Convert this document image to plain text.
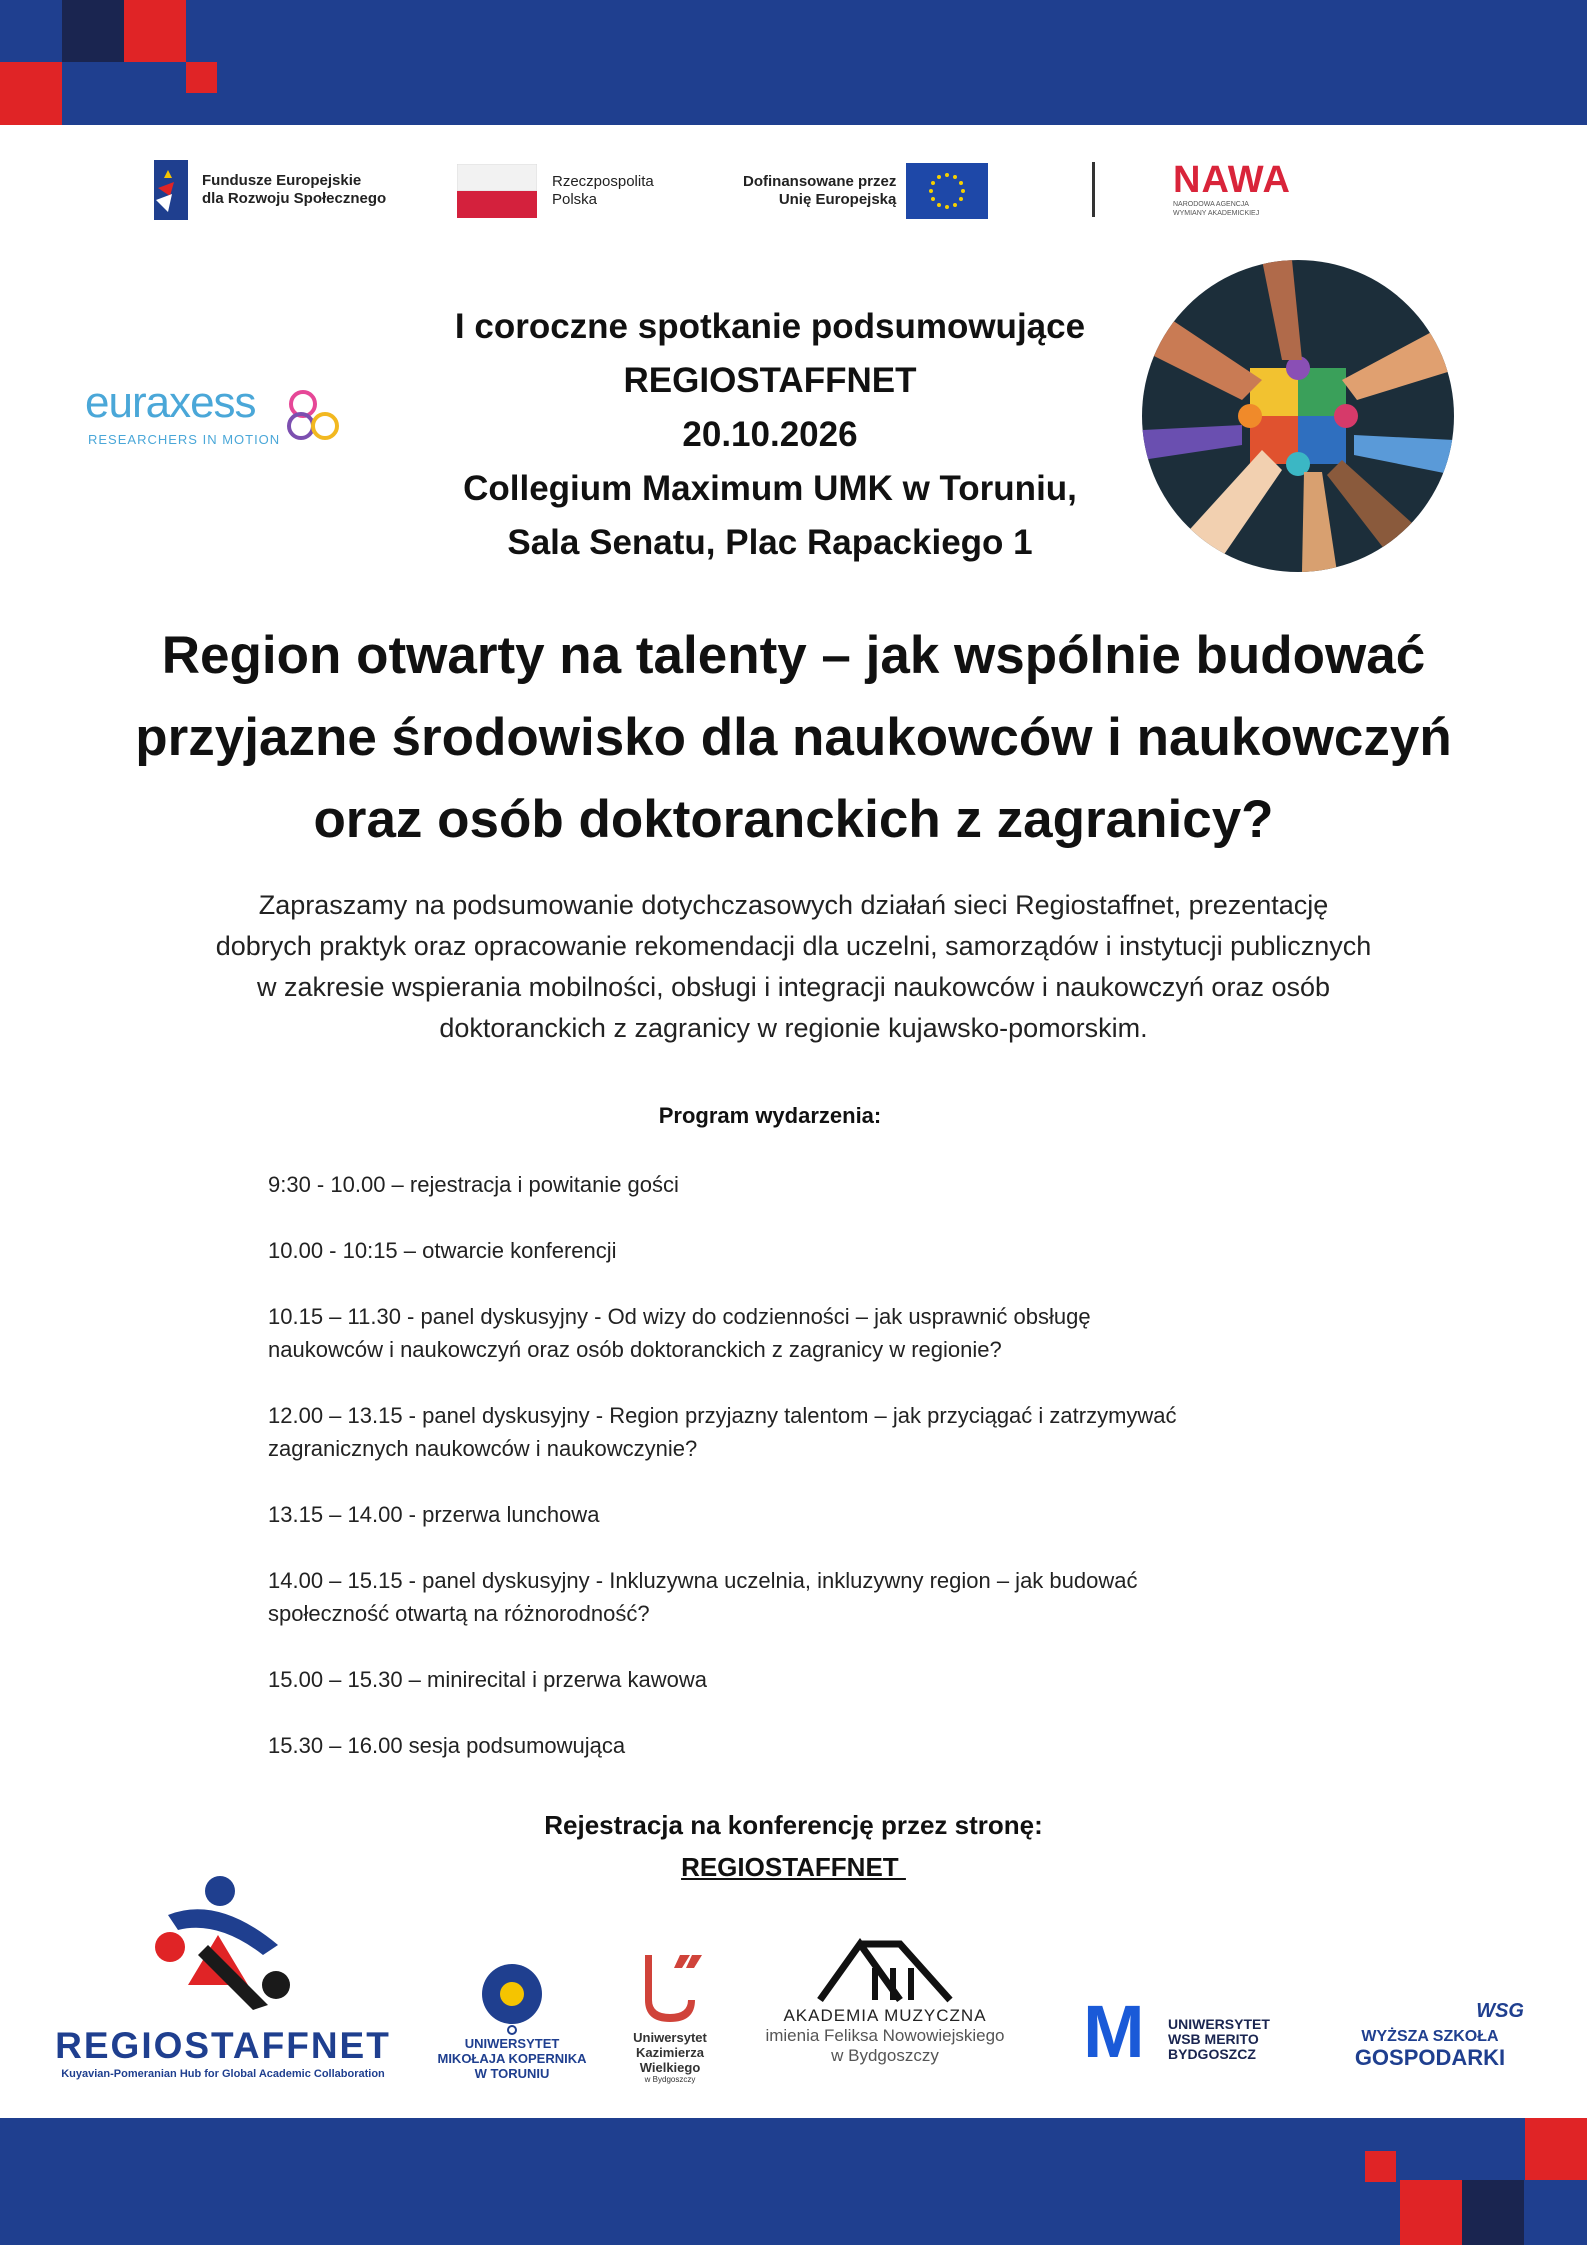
Fundusze Europejskie
dla Rozwoju Społecznego
Rzeczpospolita
Polska
Dofinansowane przez
Unię Europejską	NAWA
NARODOWA AGENCJA WYMIANY AKADEMICKIEJ
euraxess
RESEARCHERS IN MOTION
I coroczne spotkanie podsumowujące
REGIOSTAFFNET
20.10.2026
Collegium Maximum UMK w Toruniu,
Sala Senatu, Plac Rapackiego 1
Region otwarty na talenty – jak wspólnie budować
przyjazne środowisko dla naukowców i naukowczyń
oraz osób doktoranckich z zagranicy?
Zapraszamy na podsumowanie dotychczasowych działań sieci Regiostaffnet, prezentację
dobrych praktyk oraz opracowanie rekomendacji dla uczelni, samorządów i instytucji publicznych
w zakresie wspierania mobilności, obsługi i integracji naukowców i naukowczyń oraz osób
doktoranckich z zagranicy w regionie kujawsko-pomorskim.
Program wydarzenia:
9:30 - 10.00 – rejestracja i powitanie gości
10.00 - 10:15 – otwarcie konferencji
10.15 – 11.30 - panel dyskusyjny - Od wizy do codzienności – jak usprawnić obsługę
naukowców i naukowczyń oraz osób doktoranckich z zagranicy w regionie?
12.00 – 13.15 - panel dyskusyjny - Region przyjazny talentom – jak przyciągać i zatrzymywać
zagranicznych naukowców i naukowczynie?
13.15 – 14.00 - przerwa lunchowa
14.00 – 15.15 - panel dyskusyjny - Inkluzywna uczelnia, inkluzywny region – jak budować
społeczność otwartą na różnorodność?
15.00 – 15.30 – minirecital i przerwa kawowa
15.30 – 16.00 sesja podsumowująca
Rejestracja na konferencję przez stronę:
REGIOSTAFFNET
REGIOSTAFFNET
Kuyavian-Pomeranian Hub for Global Academic Collaboration
UNIWERSYTET
MIKOŁAJA KOPERNIKA
W TORUNIU
Uniwersytet
Kazimierza
Wielkiego
w Bydgoszczy
AKADEMIA MUZYCZNA
imienia Feliksa Nowowiejskiego
w Bydgoszczy	M UNIWERSYTET
WSB MERITO
BYDGOSZCZ
WSG
WYŻSZA SZKOŁA
GOSPODARKI
